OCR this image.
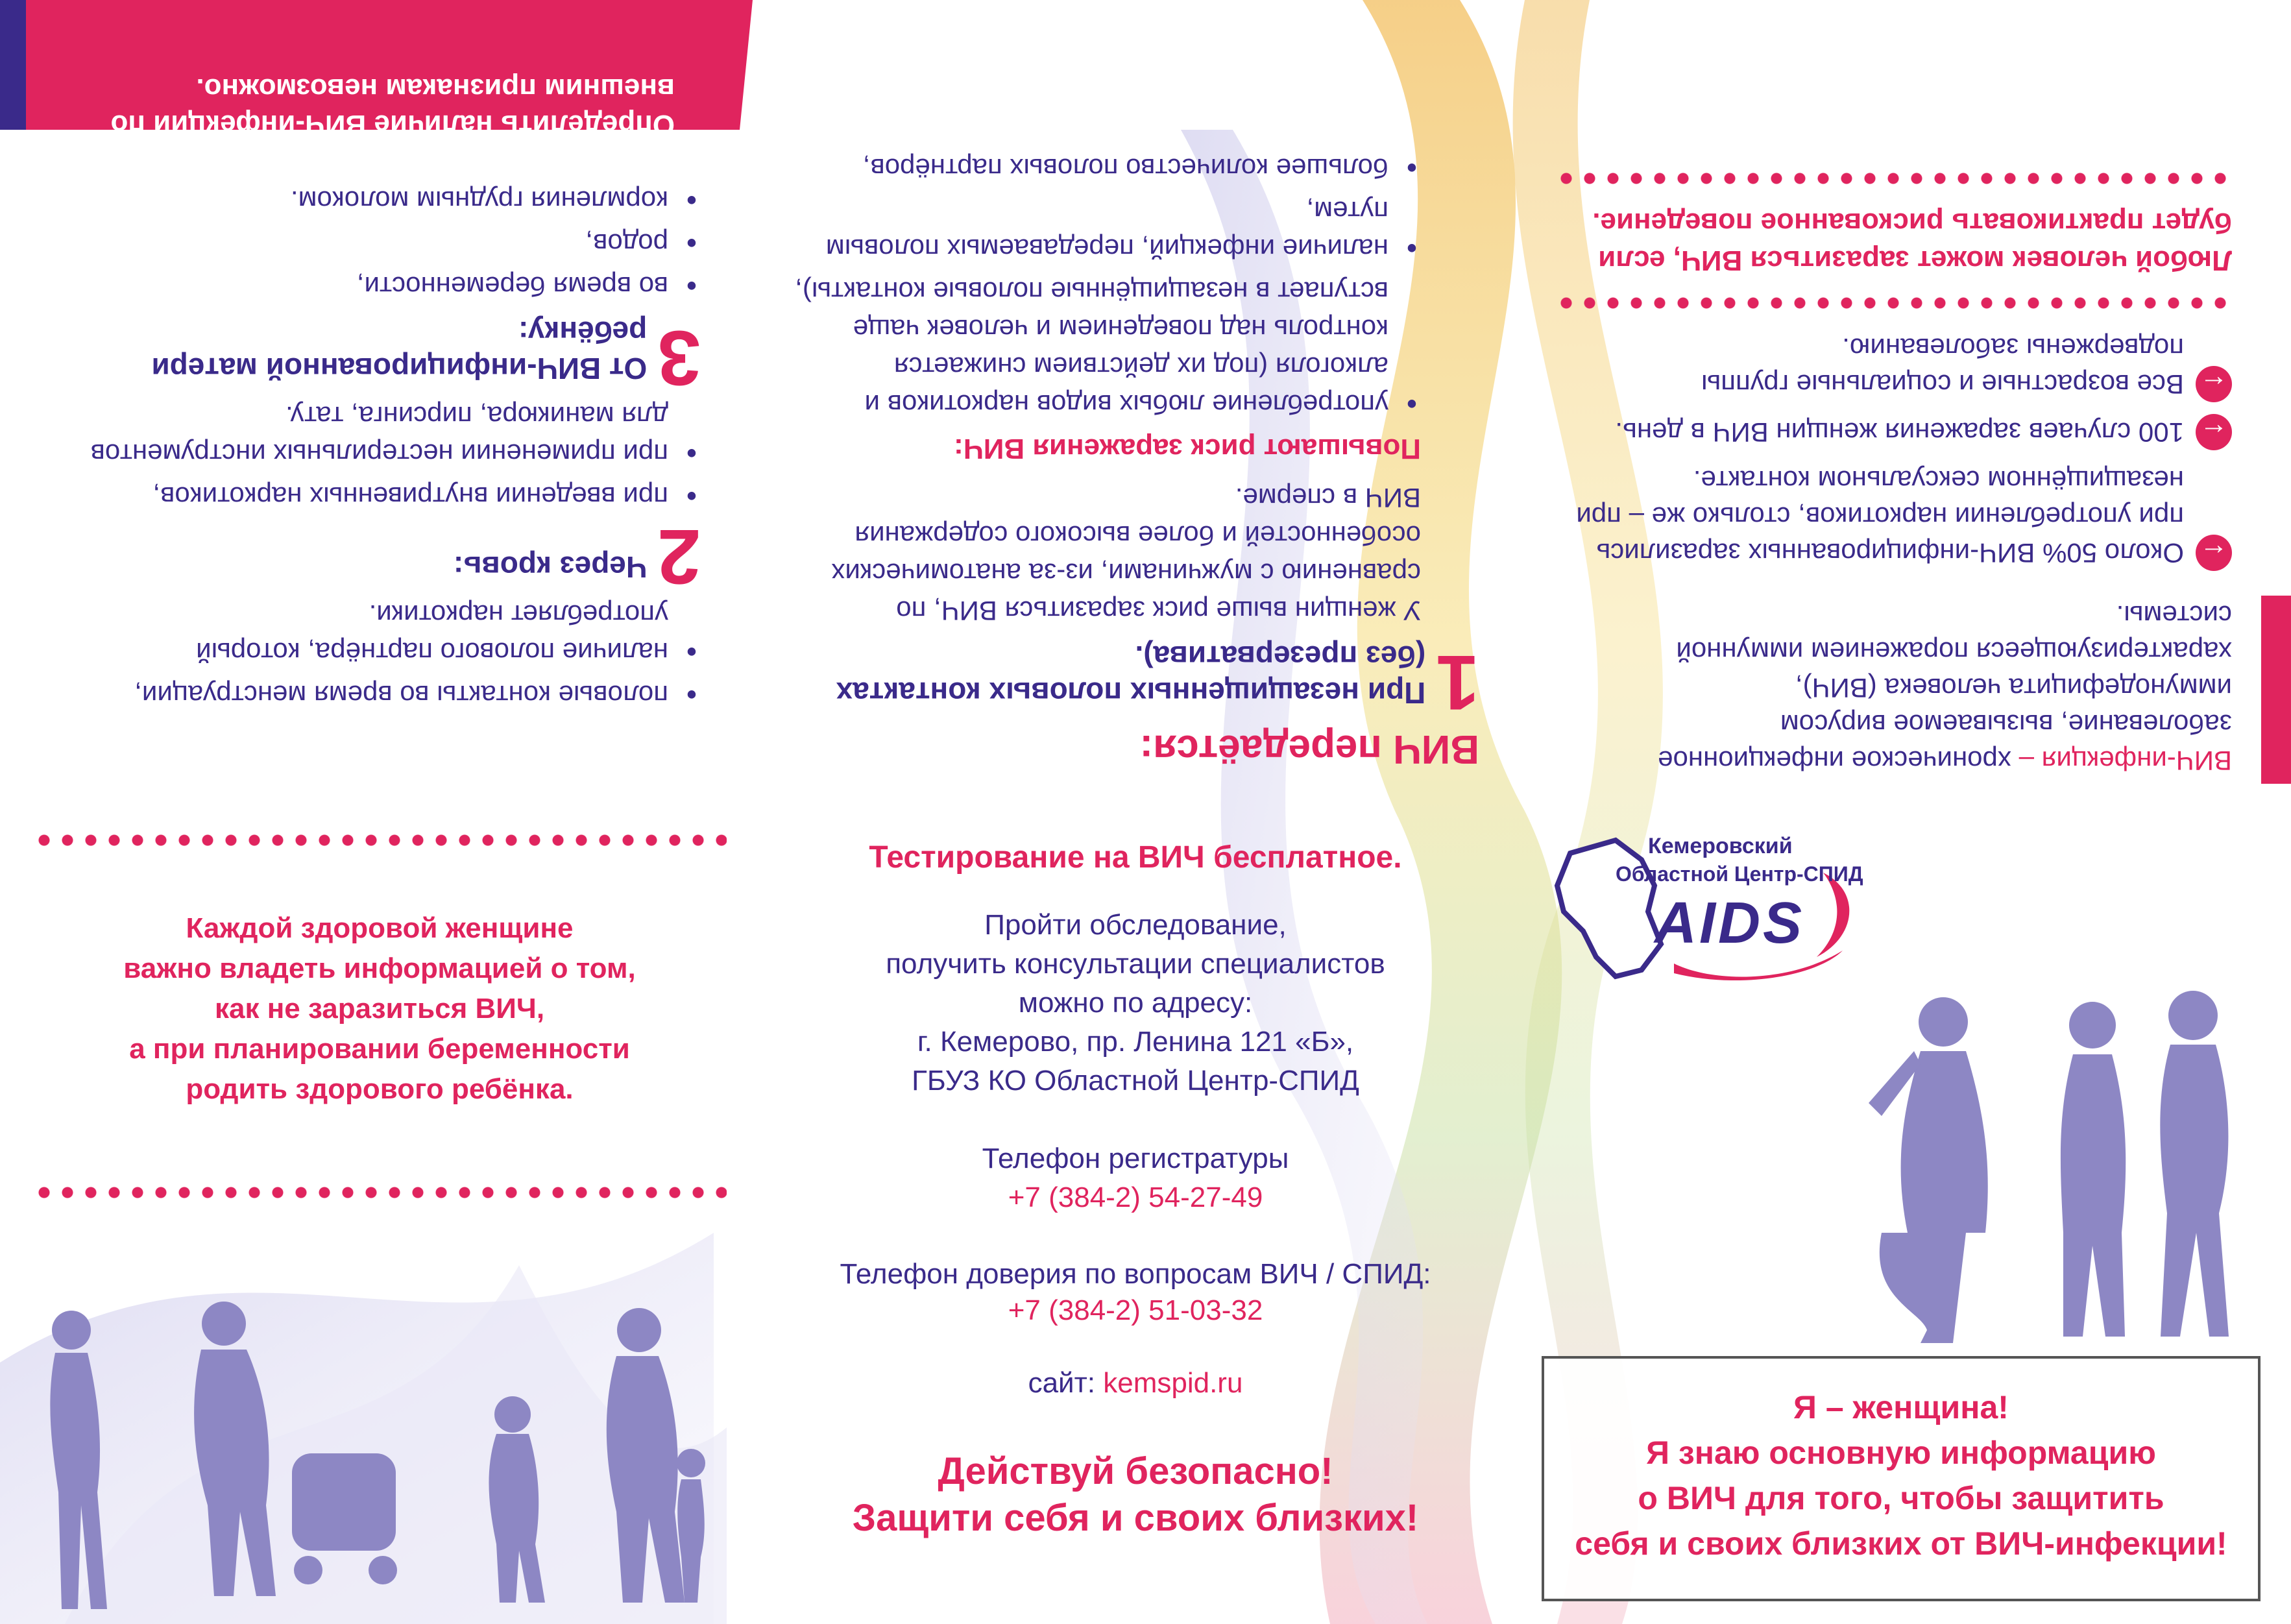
• половые контакты во время менструации,
• наличие полового партнёра, который употребляет наркотики.
2
Через кровь:
• при введении внутривенных наркотиков,
• при применении нестерильных инструментов для маникюра, пирсинга, тату.
3
От ВИЧ-инфицированной матери ребёнку:
• во время беременности,
• родов,
• кормления грудным молоком.
Определить наличие ВИЧ-инфекции по внешним признакам невозможно.
Каждой здоровой женщине
важно владеть информацией о том,
как не заразиться ВИЧ,
а при планировании беременности
родить здорового ребёнка.
ВИЧ передаётся:
1
При незащищенных половых контактах (без презерватива).
У женщин выше риск заразиться ВИЧ, по сравнению с мужчинами, из-за анатомических особенностей и более высокого содержания ВИЧ в сперме.
Повышают риск заражения ВИЧ:
• употребление любых видов наркотиков и алкоголя (под их действием снижается контроль над поведением и человек чаще вступает в незащищённые половые контакты),
• наличие инфекций, передаваемых половым путем,
• большее количество половых партнёров,
Тестирование на ВИЧ бесплатное.
Пройти обследование,
получить консультации специалистов
можно по адресу:
г. Кемерово, пр. Ленина 121 «Б»,
ГБУЗ КО Областной Центр-СПИД
Телефон регистратуры
+7 (384-2) 54-27-49
Телефон доверия по вопросам ВИЧ / СПИД:
+7 (384-2) 51-03-32
сайт: kemspid.ru
Действуй безопасно!
Защити себя и своих близких!
ВИЧ-инфекция – хроническое инфекционное заболевание, вызываемое вирусом иммунодефицита человека (ВИЧ), характеризующееся поражением иммунной системы.
←
Около 50% ВИЧ-инфицированных заразились при употреблении наркотиков, столько же – при незащищённом сексуальном контакте.
←
100 случаев заражения женщин ВИЧ в день.
←
Все возрастные и социальные группы подвержены заболеванию.
Любой человек может заразиться ВИЧ, если будет практиковать рискованное поведение.
Кемеровский
Областной Центр-СПИД
AIDS
Я – женщина!
Я знаю основную информацию
о ВИЧ для того, чтобы защитить
себя и своих близких от ВИЧ-инфекции!
